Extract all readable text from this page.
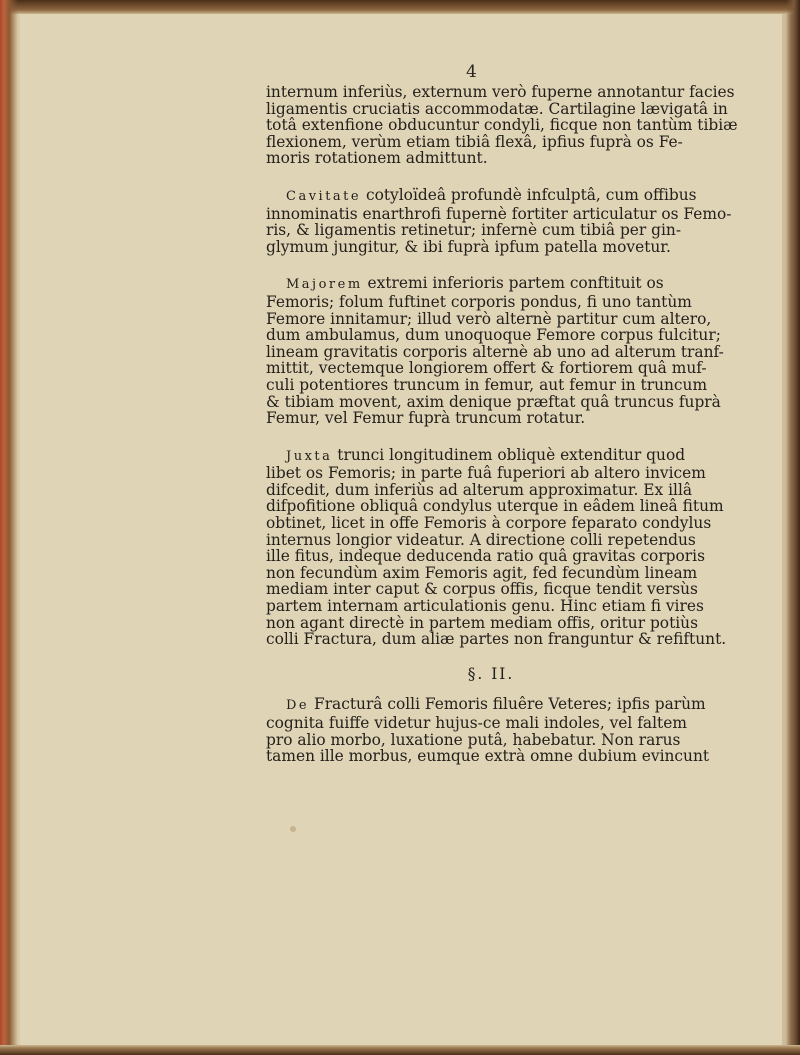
4

internum inferiùs, externum verò fuperne annotantur facies
ligamentis cruciatis accommodatæ. Cartilagine lævigatâ in
totâ extenfione obducuntur condyli, ficque non tantùm tibiæ
flexionem, verùm etiam tibiâ flexâ, ipfius fuprà os Fe-
moris rotationem admittunt.

Cavitate cotyloïdeâ profundè infculptâ, cum offibus
innominatis enarthrofi fupernè fortiter articulatur os Femo-
ris, & ligamentis retinetur; infernè cum tibiâ per gin-
glymum jungitur, & ibi fuprà ipfum patella movetur.

Majorem extremi inferioris partem conftituit os
Femoris; folum fuftinet corporis pondus, fi uno tantùm
Femore innitamur; illud verò alternè partitur cum altero,
dum ambulamus, dum unoquoque Femore corpus fulcitur;
lineam gravitatis corporis alternè ab uno ad alterum tranf-
mittit, vectemque longiorem offert & fortiorem quâ muf-
culi potentiores truncum in femur, aut femur in truncum
& tibiam movent, axim denique præftat quâ truncus fuprà
Femur, vel Femur fuprà truncum rotatur.

Juxta trunci longitudinem obliquè extenditur quod
libet os Femoris; in parte fuâ fuperiori ab altero invicem
difcedit, dum inferiùs ad alterum approximatur. Ex illâ
difpofitione obliquâ condylus uterque in eâdem lineâ fitum
obtinet, licet in offe Femoris à corpore feparato condylus
internus longior videatur. A directione colli repetendus
ille fitus, indeque deducenda ratio quâ gravitas corporis
non fecundùm axim Femoris agit, fed fecundùm lineam
mediam inter caput & corpus offis, ficque tendit versùs
partem internam articulationis genu. Hinc etiam fi vires
non agant directè in partem mediam offis, oritur potiùs
colli Fractura, dum aliæ partes non franguntur & refiftunt.

§. II.

De Fracturâ colli Femoris filuêre Veteres; ipfis parùm
cognita fuiffe videtur hujus-ce mali indoles, vel faltem
pro alio morbo, luxatione putâ, habebatur. Non rarus
tamen ille morbus, eumque extrà omne dubium evincunt
